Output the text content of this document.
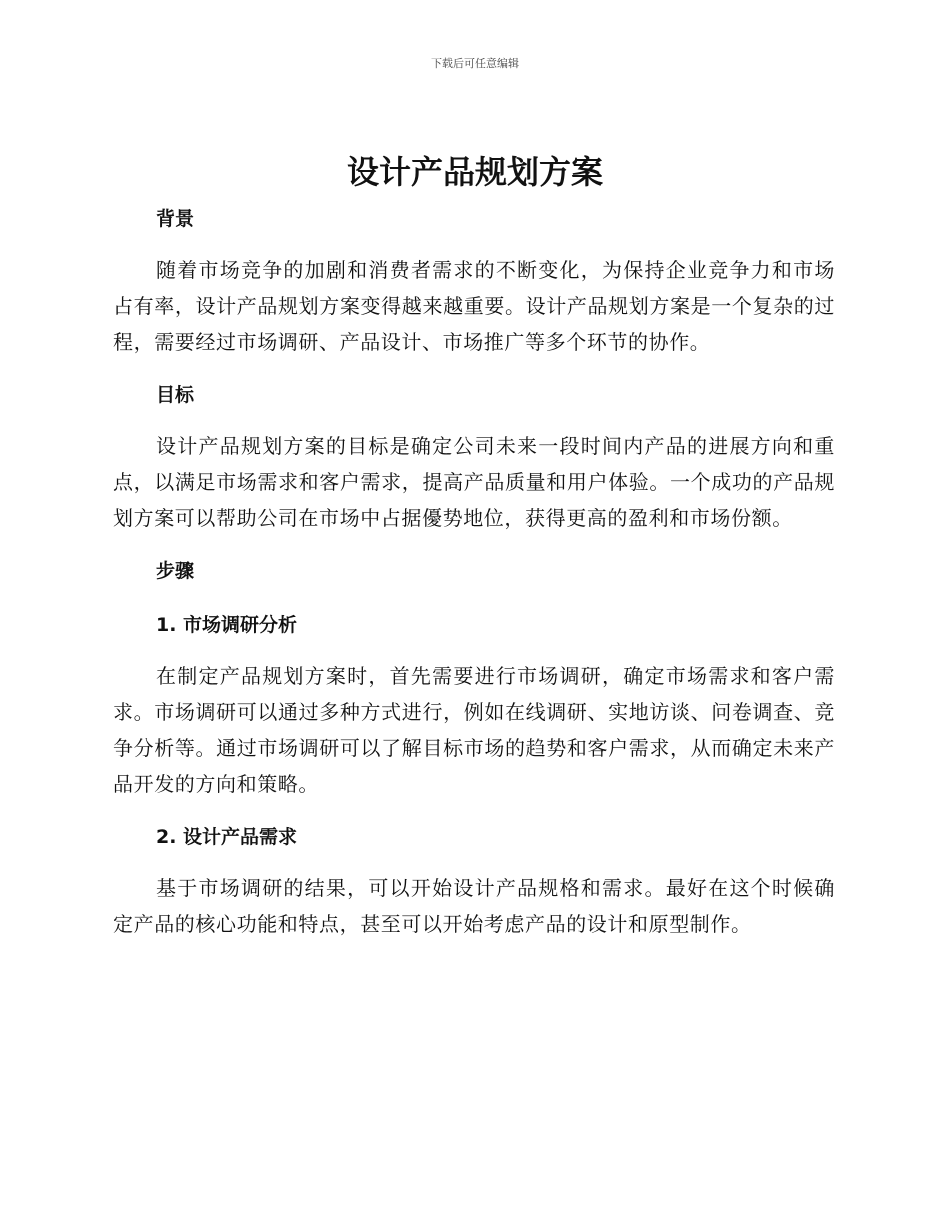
下载后可任意编辑
设计产品规划方案
背景

随着市场竞争的加剧和消费者需求的不断变化，为保持企业竞争力和市场占有率，设计产品规划方案变得越来越重要。设计产品规划方案是一个复杂的过程，需要经过市场调研、产品设计、市场推广等多个环节的协作。

目标

设计产品规划方案的目标是确定公司未来一段时间内产品的进展方向和重点，以满足市场需求和客户需求，提高产品质量和用户体验。一个成功的产品规划方案可以帮助公司在市场中占据優势地位，获得更高的盈利和市场份额。

步骤
1. 市场调研分析

在制定产品规划方案时，首先需要进行市场调研，确定市场需求和客户需求。市场调研可以通过多种方式进行，例如在线调研、实地访谈、问卷调查、竞争分析等。通过市场调研可以了解目标市场的趋势和客户需求，从而确定未来产品开发的方向和策略。

2. 设计产品需求

基于市场调研的结果，可以开始设计产品规格和需求。最好在这个时候确定产品的核心功能和特点，甚至可以开始考虑产品的设计和原型制作。
